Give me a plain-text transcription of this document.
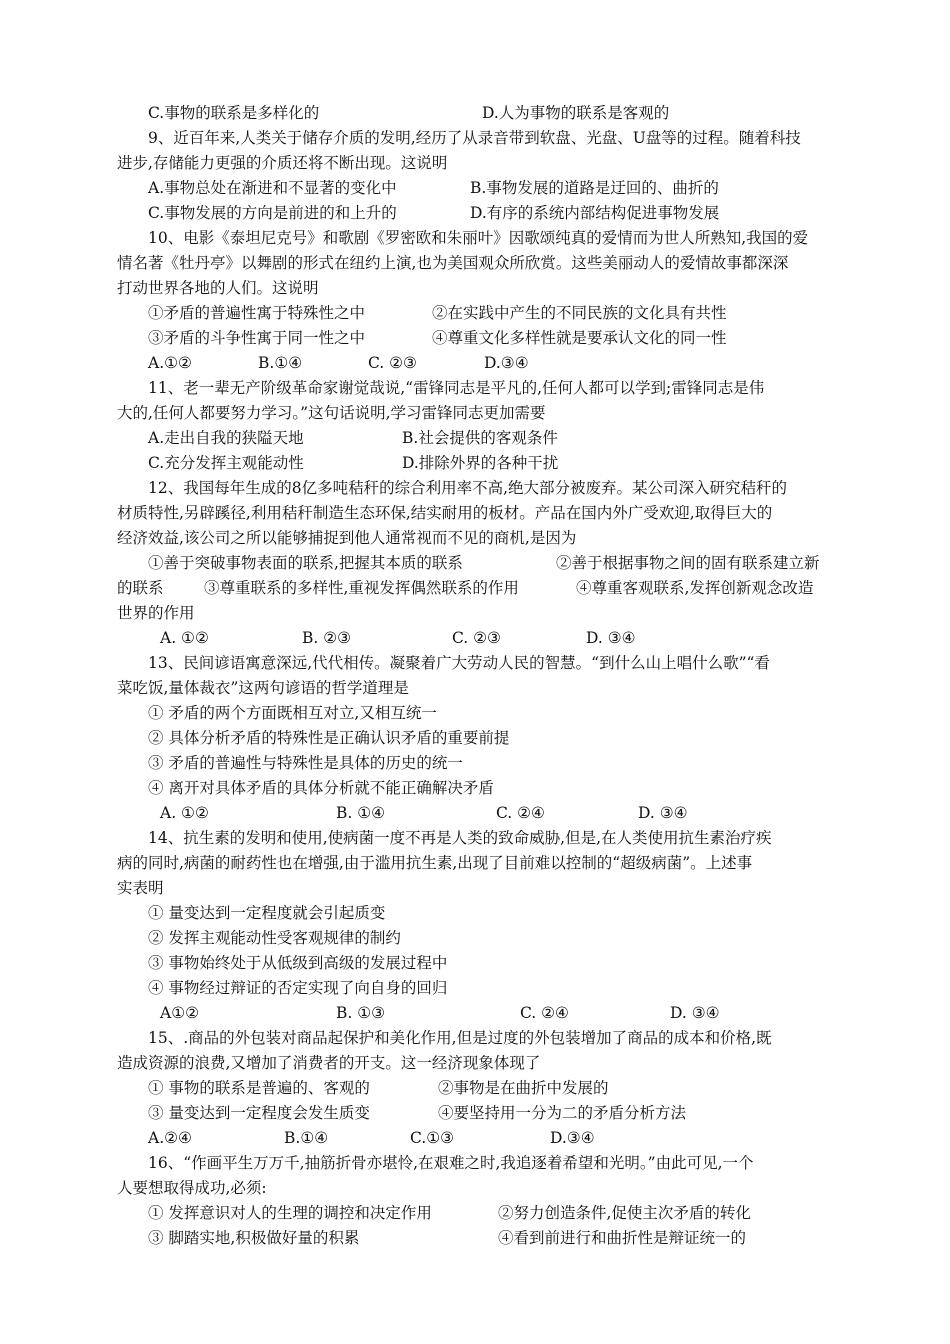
C.事物的联系是多样化的	D.人为事物的联系是客观的
9、近百年来,人类关于储存介质的发明,经历了从录音带到软盘、光盘、U盘等的过程。随着科技
进步,存储能力更强的介质还将不断出现。这说明
A.事物总处在渐进和不显著的变化中	B.事物发展的道路是迂回的、曲折的
C.事物发展的方向是前进的和上升的	D.有序的系统内部结构促进事物发展
10、电影《泰坦尼克号》和歌剧《罗密欧和朱丽叶》因歌颂纯真的爱情而为世人所熟知,我国的爱
情名著《牡丹亭》以舞剧的形式在纽约上演,也为美国观众所欣赏。这些美丽动人的爱情故事都深深
打动世界各地的人们。这说明
①矛盾的普遍性寓于特殊性之中	②在实践中产生的不同民族的文化具有共性
③矛盾的斗争性寓于同一性之中	④尊重文化多样性就是要承认文化的同一性
A.①②	B.①④	C. ②③	D.③④
11、老一辈无产阶级革命家谢觉哉说,“雷锋同志是平凡的,任何人都可以学到;雷锋同志是伟
大的,任何人都要努力学习。”这句话说明,学习雷锋同志更加需要
A.走出自我的狭隘天地	B.社会提供的客观条件
C.充分发挥主观能动性	D.排除外界的各种干扰
12、我国每年生成的8亿多吨秸秆的综合利用率不高,绝大部分被废弃。某公司深入研究秸秆的
材质特性,另辟蹊径,利用秸秆制造生态环保,结实耐用的板材。产品在国内外广受欢迎,取得巨大的
经济效益,该公司之所以能够捕捉到他人通常视而不见的商机,是因为
①善于突破事物表面的联系,把握其本质的联系	②善于根据事物之间的固有联系建立新
的联系	③尊重联系的多样性,重视发挥偶然联系的作用	④尊重客观联系,发挥创新观念改造
世界的作用
A. ①②	B. ②③	C. ②③	D. ③④
13、民间谚语寓意深远,代代相传。凝聚着广大劳动人民的智慧。“到什么山上唱什么歌”“看
菜吃饭,量体裁衣”这两句谚语的哲学道理是
① 矛盾的两个方面既相互对立,又相互统一
② 具体分析矛盾的特殊性是正确认识矛盾的重要前提
③ 矛盾的普遍性与特殊性是具体的历史的统一
④ 离开对具体矛盾的具体分析就不能正确解决矛盾
A. ①②	B. ①④	C. ②④	D. ③④
14、抗生素的发明和使用,使病菌一度不再是人类的致命威胁,但是,在人类使用抗生素治疗疾
病的同时,病菌的耐药性也在增强,由于滥用抗生素,出现了目前难以控制的“超级病菌”。上述事
实表明
① 量变达到一定程度就会引起质变
② 发挥主观能动性受客观规律的制约
③ 事物始终处于从低级到高级的发展过程中
④ 事物经过辩证的否定实现了向自身的回归
A①②	B. ①③	C. ②④	D. ③④
15、.商品的外包装对商品起保护和美化作用,但是过度的外包装增加了商品的成本和价格,既
造成资源的浪费,又增加了消费者的开支。这一经济现象体现了
① 事物的联系是普遍的、客观的	②事物是在曲折中发展的
③ 量变达到一定程度会发生质变	④要坚持用一分为二的矛盾分析方法
A.②④	B.①④	C.①③	D.③④
16、“作画平生万万千,抽筋折骨亦堪怜,在艰难之时,我追逐着希望和光明。”由此可见,一个
人要想取得成功,必须:
① 发挥意识对人的生理的调控和决定作用	②努力创造条件,促使主次矛盾的转化
③ 脚踏实地,积极做好量的积累	④看到前进行和曲折性是辩证统一的
